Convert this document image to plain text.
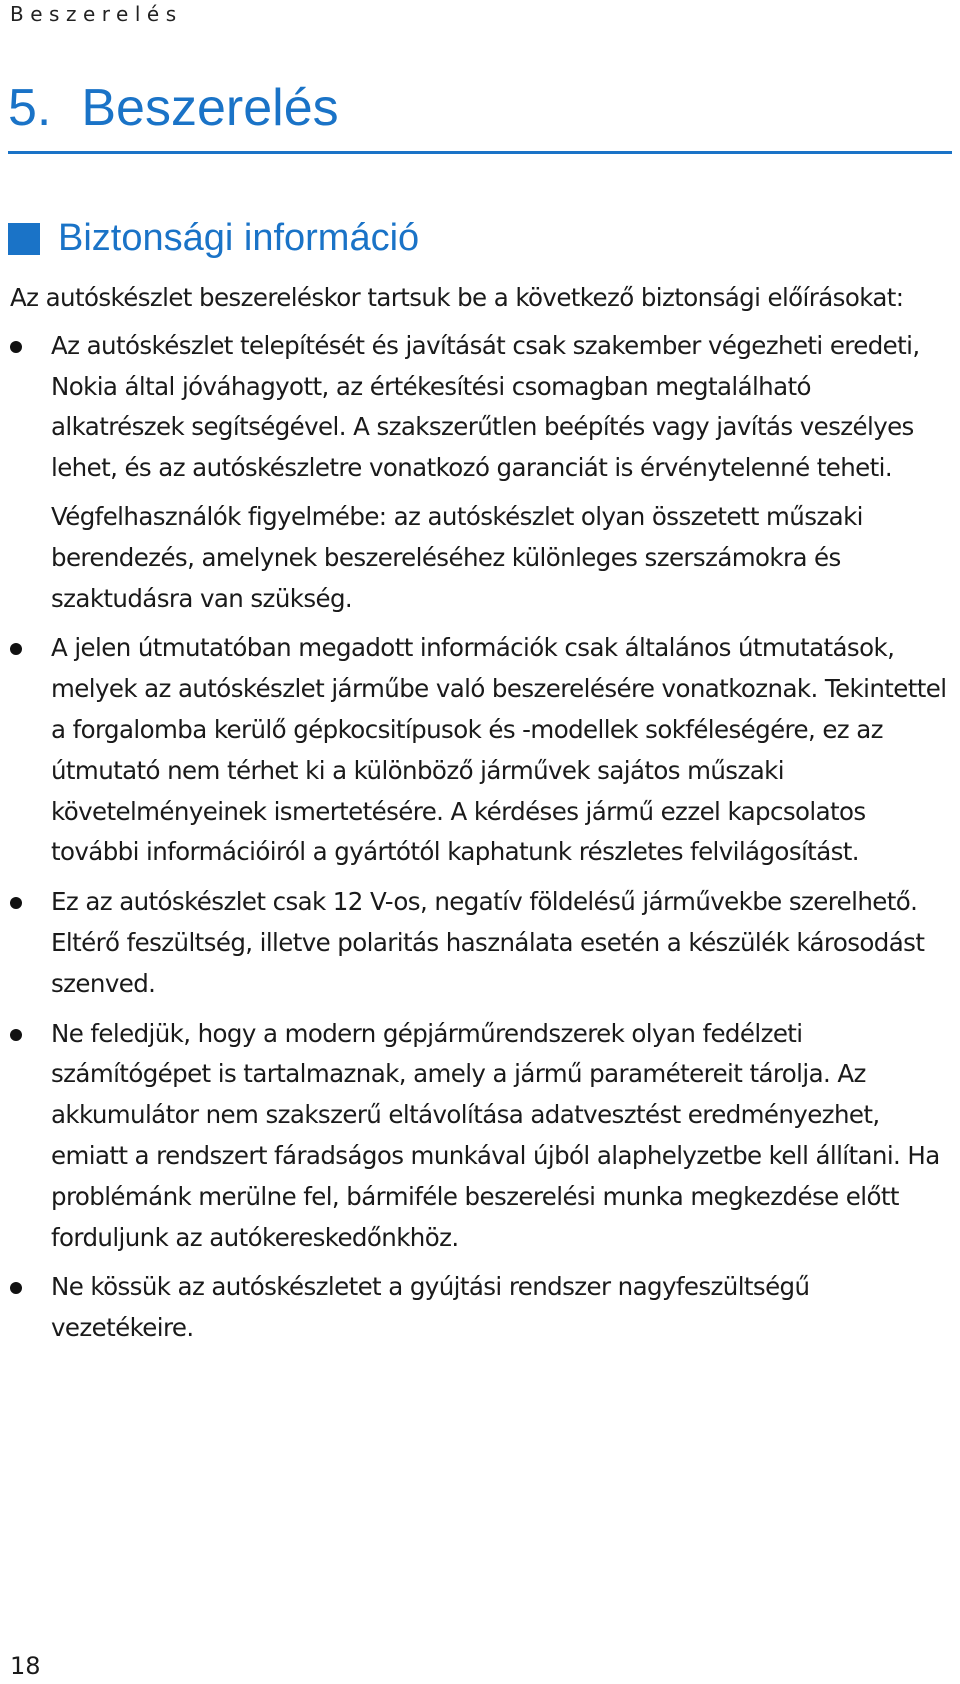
Beszerelés
5. Beszerelés
Biztonsági információ

Az autóskészlet beszereléskor tartsuk be a következő biztonsági előírásokat:

Az autóskészlet telepítését és javítását csak szakember végezheti eredeti, Nokia által jóváhagyott, az értékesítési csomagban megtalálható alkatrészek segítségével. A szakszerűtlen beépítés vagy javítás veszélyes lehet, és az autóskészletre vonatkozó garanciát is érvénytelenné teheti.

Végfelhasználók figyelmébe: az autóskészlet olyan összetett műszaki berendezés, amelynek beszereléséhez különleges szerszámokra és szaktudásra van szükség.

A jelen útmutatóban megadott információk csak általános útmutatások, melyek az autóskészlet járműbe való beszerelésére vonatkoznak. Tekintettel a forgalomba kerülő gépkocsitípusok és -modellek sokféleségére, ez az útmutató nem térhet ki a különböző járművek sajátos műszaki követelményeinek ismertetésére. A kérdéses jármű ezzel kapcsolatos további információiról a gyártótól kaphatunk részletes felvilágosítást.

Ez az autóskészlet csak 12 V-os, negatív földelésű járművekbe szerelhető. Eltérő feszültség, illetve polaritás használata esetén a készülék károsodást szenved.

Ne feledjük, hogy a modern gépjárműrendszerek olyan fedélzeti számítógépet is tartalmaznak, amely a jármű paramétereit tárolja. Az akkumulátor nem szakszerű eltávolítása adatvesztést eredményezhet, emiatt a rendszert fáradságos munkával újból alaphelyzetbe kell állítani. Ha problémánk merülne fel, bármiféle beszerelési munka megkezdése előtt forduljunk az autókereskedőnkhöz.

Ne kössük az autóskészletet a gyújtási rendszer nagyfeszültségű vezetékeire.

18
